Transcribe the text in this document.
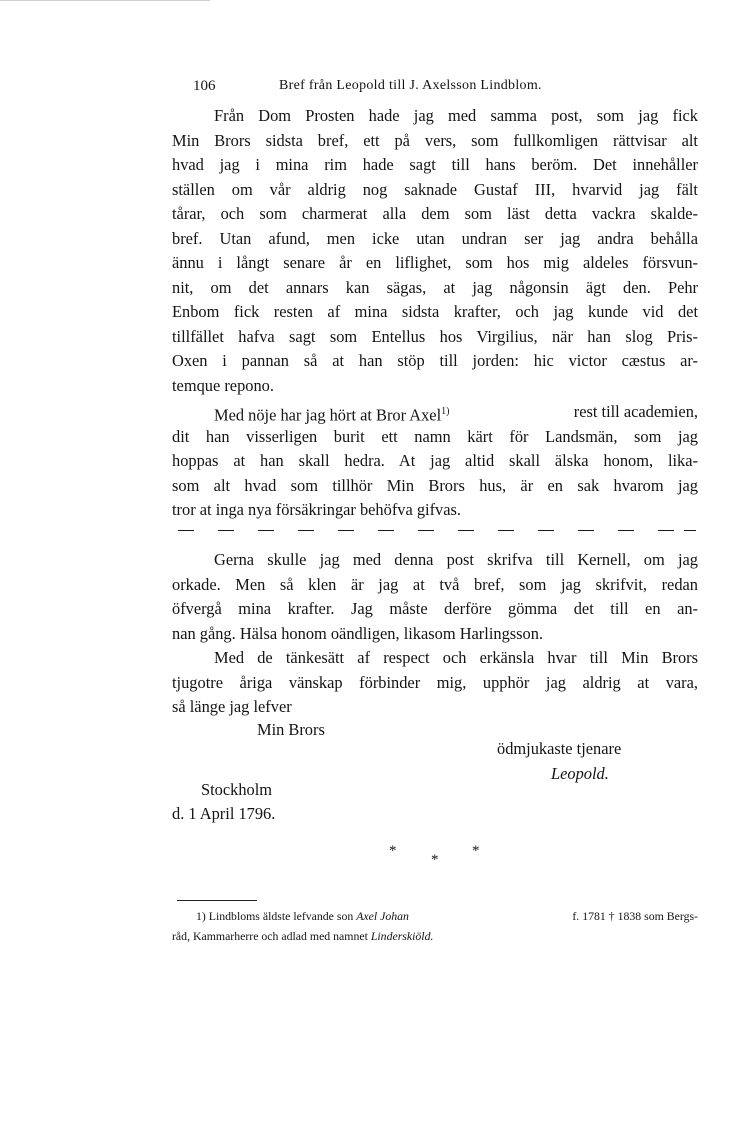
106	Bref från Leopold till J. Axelsson Lindblom.
Från Dom Prosten hade jag med samma post, som jag fick
Min Brors sidsta bref, ett på vers, som fullkomligen rättvisar alt
hvad jag i mina rim hade sagt till hans beröm. Det innehåller
ställen om vår aldrig nog saknade Gustaf III, hvarvid jag fält
tårar, och som charmerat alla dem som läst detta vackra skalde-
bref. Utan afund, men icke utan undran ser jag andra behålla
ännu i långt senare år en liflighet, som hos mig aldeles försvun-
nit, om det annars kan sägas, at jag någonsin ägt den. Pehr
Enbom fick resten af mina sidsta krafter, och jag kunde vid det
tillfället hafva sagt som Entellus hos Virgilius, när han slog Pris-
Oxen i pannan så at han stöp till jorden: hic victor cæstus ar-
temque repono.
Med nöje har jag hört at Bror Axel$^{1)}$	rest till academien,
dit han visserligen burit ett namn kärt för Landsmän, som jag
hoppas at han skall hedra. At jag altid skall älska honom, lika-
som alt hvad som tillhör Min Brors hus, är en sak hvarom jag
tror at inga nya försäkringar behöfva gifvas.
Gerna skulle jag med denna post skrifva till Kernell, om jag
orkade. Men så klen är jag at två bref, som jag skrifvit, redan
öfvergå mina krafter. Jag måste derföre gömma det till en an-
nan gång. Hälsa honom oändligen, likasom Harlingsson.
Med de tänkesätt af respect och erkänsla hvar till Min Brors
tjugotre åriga vänskap förbinder mig, upphör jag aldrig at vara,
så länge jag lefver
Min Brors
ödmjukaste tjenare
Leopold.
Stockholm
d. 1 April 1796.
*
*
*
1) Lindbloms äldste lefvande son Axel Johan	f. 1781 † 1838 som Bergs-
råd, Kammarherre och adlad med namnet Linderskiöld.
